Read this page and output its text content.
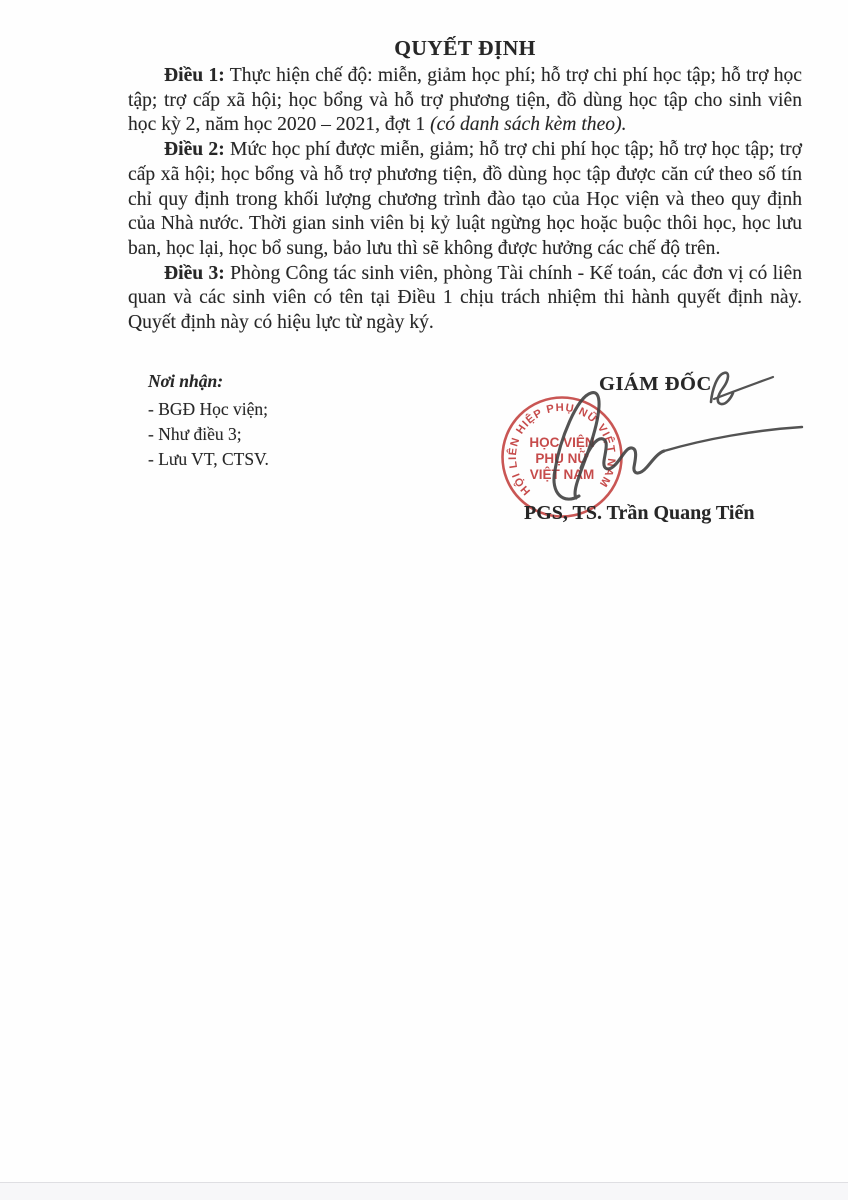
QUYẾT ĐỊNH

Điều 1: Thực hiện chế độ: miễn, giảm học phí; hỗ trợ chi phí học tập; hỗ trợ học tập; trợ cấp xã hội; học bổng và hỗ trợ phương tiện, đồ dùng học tập cho sinh viên học kỳ 2, năm học 2020 – 2021, đợt 1 (có danh sách kèm theo).

Điều 2: Mức học phí được miễn, giảm; hỗ trợ chi phí học tập; hỗ trợ học tập; trợ cấp xã hội; học bổng và hỗ trợ phương tiện, đồ dùng học tập được căn cứ theo số tín chỉ quy định trong khối lượng chương trình đào tạo của Học viện và theo quy định của Nhà nước. Thời gian sinh viên bị kỷ luật ngừng học hoặc buộc thôi học, học lưu ban, học lại, học bổ sung, bảo lưu thì sẽ không được hưởng các chế độ trên.

Điều 3: Phòng Công tác sinh viên, phòng Tài chính - Kế toán, các đơn vị có liên quan và các sinh viên có tên tại Điều 1 chịu trách nhiệm thi hành quyết định này. Quyết định này có hiệu lực từ ngày ký.

Nơi nhận:
- BGĐ Học viện;
- Như điều 3;
- Lưu VT, CTSV.
GIÁM ĐỐC
HỘI LIÊN HIỆP PHỤ NỮ VIỆT NAM
HỌC VIỆN
PHỤ NỮ
VIỆT NAM
PGS, TS. Trần Quang Tiến
